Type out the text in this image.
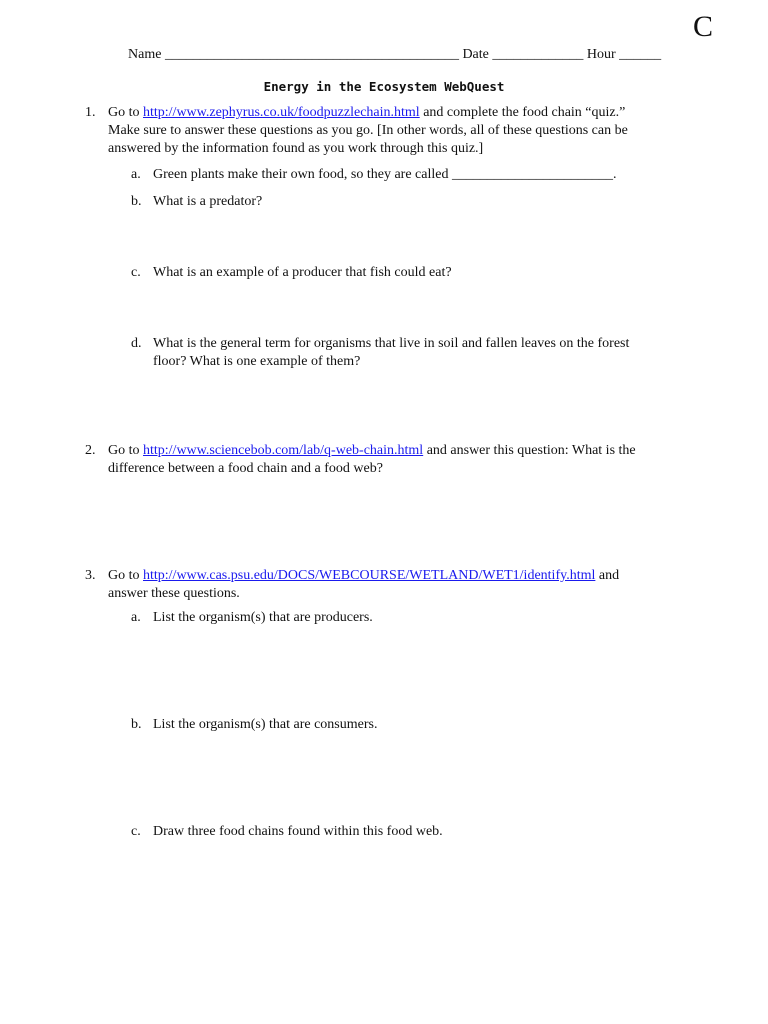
C
Name __________________________________________ Date _____________ Hour ______
Energy in the Ecosystem WebQuest
1. Go to http://www.zephyrus.co.uk/foodpuzzlechain.html and complete the food chain “quiz.”
Make sure to answer these questions as you go. [In other words, all of these questions can be
answered by the information found as you work through this quiz.]
a. Green plants make their own food, so they are called _______________________.
b. What is a predator?
c. What is an example of a producer that fish could eat?
d. What is the general term for organisms that live in soil and fallen leaves on the forest
floor? What is one example of them?
2. Go to http://www.sciencebob.com/lab/q-web-chain.html and answer this question: What is the
difference between a food chain and a food web?
3. Go to http://www.cas.psu.edu/DOCS/WEBCOURSE/WETLAND/WET1/identify.html and
answer these questions.
a. List the organism(s) that are producers.
b. List the organism(s) that are consumers.
c. Draw three food chains found within this food web.
